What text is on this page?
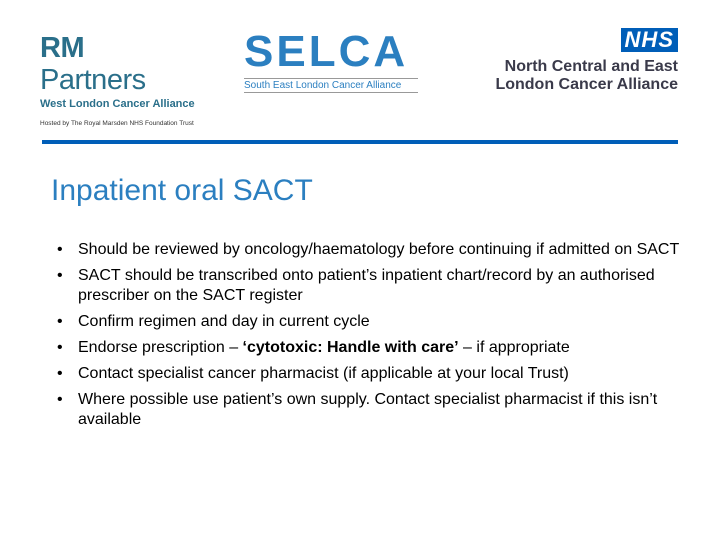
RM Partners
West London Cancer Alliance
Hosted by The Royal Marsden NHS Foundation Trust
SELCA
South East London Cancer Alliance
NHS
North Central and East
London Cancer Alliance
Inpatient oral SACT
• Should be reviewed by oncology/haematology before continuing if admitted on SACT
• SACT should be transcribed onto patient’s inpatient chart/record by an authorised prescriber on the SACT register
• Confirm regimen and day in current cycle
• Endorse prescription – ‘cytotoxic: Handle with care’ – if appropriate
• Contact specialist cancer pharmacist (if applicable at your local Trust)
• Where possible use patient’s own supply. Contact specialist pharmacist if this isn’t available
